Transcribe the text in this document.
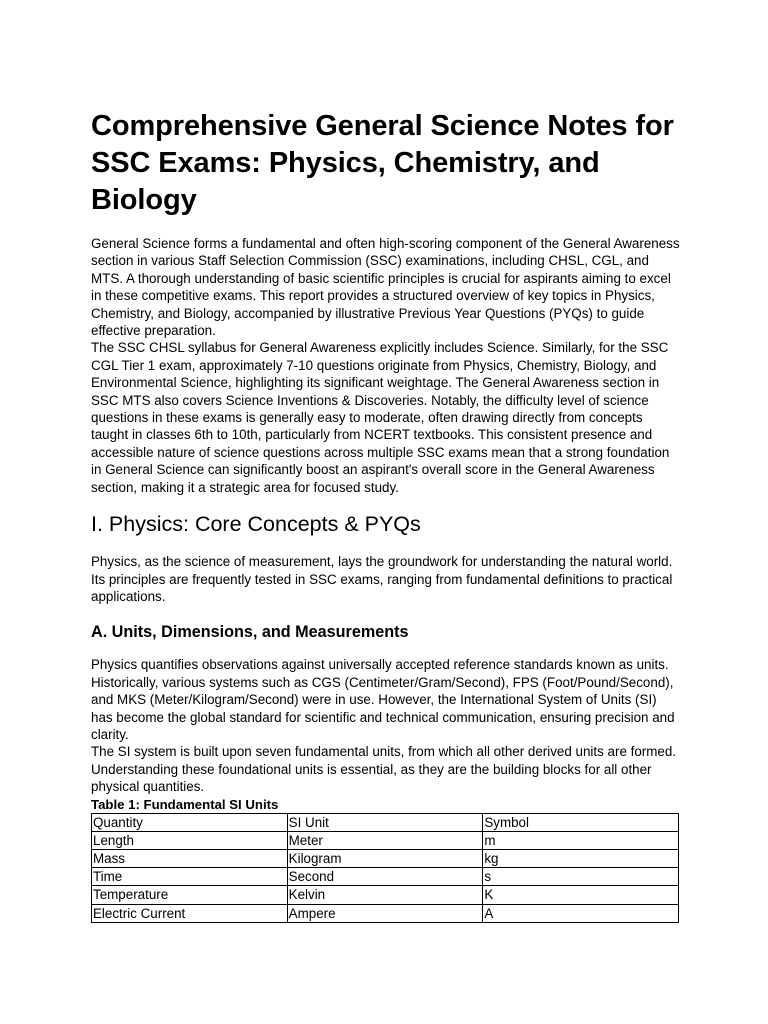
Comprehensive General Science Notes for SSC Exams: Physics, Chemistry, and Biology

General Science forms a fundamental and often high-scoring component of the General Awareness section in various Staff Selection Commission (SSC) examinations, including CHSL, CGL, and MTS. A thorough understanding of basic scientific principles is crucial for aspirants aiming to excel in these competitive exams. This report provides a structured overview of key topics in Physics, Chemistry, and Biology, accompanied by illustrative Previous Year Questions (PYQs) to guide effective preparation.

The SSC CHSL syllabus for General Awareness explicitly includes Science. Similarly, for the SSC CGL Tier 1 exam, approximately 7-10 questions originate from Physics, Chemistry, Biology, and Environmental Science, highlighting its significant weightage. The General Awareness section in SSC MTS also covers Science Inventions & Discoveries. Notably, the difficulty level of science questions in these exams is generally easy to moderate, often drawing directly from concepts taught in classes 6th to 10th, particularly from NCERT textbooks. This consistent presence and accessible nature of science questions across multiple SSC exams mean that a strong foundation in General Science can significantly boost an aspirant's overall score in the General Awareness section, making it a strategic area for focused study.

I. Physics: Core Concepts & PYQs

Physics, as the science of measurement, lays the groundwork for understanding the natural world. Its principles are frequently tested in SSC exams, ranging from fundamental definitions to practical applications.

A. Units, Dimensions, and Measurements

Physics quantifies observations against universally accepted reference standards known as units. Historically, various systems such as CGS (Centimeter/Gram/Second), FPS (Foot/Pound/Second), and MKS (Meter/Kilogram/Second) were in use. However, the International System of Units (SI) has become the global standard for scientific and technical communication, ensuring precision and clarity.

The SI system is built upon seven fundamental units, from which all other derived units are formed. Understanding these foundational units is essential, as they are the building blocks for all other physical quantities.

Table 1: Fundamental SI Units
Quantity	SI Unit	Symbol
Length	Meter	m
Mass	Kilogram	kg
Time	Second	s
Temperature	Kelvin	K
Electric Current	Ampere	A
